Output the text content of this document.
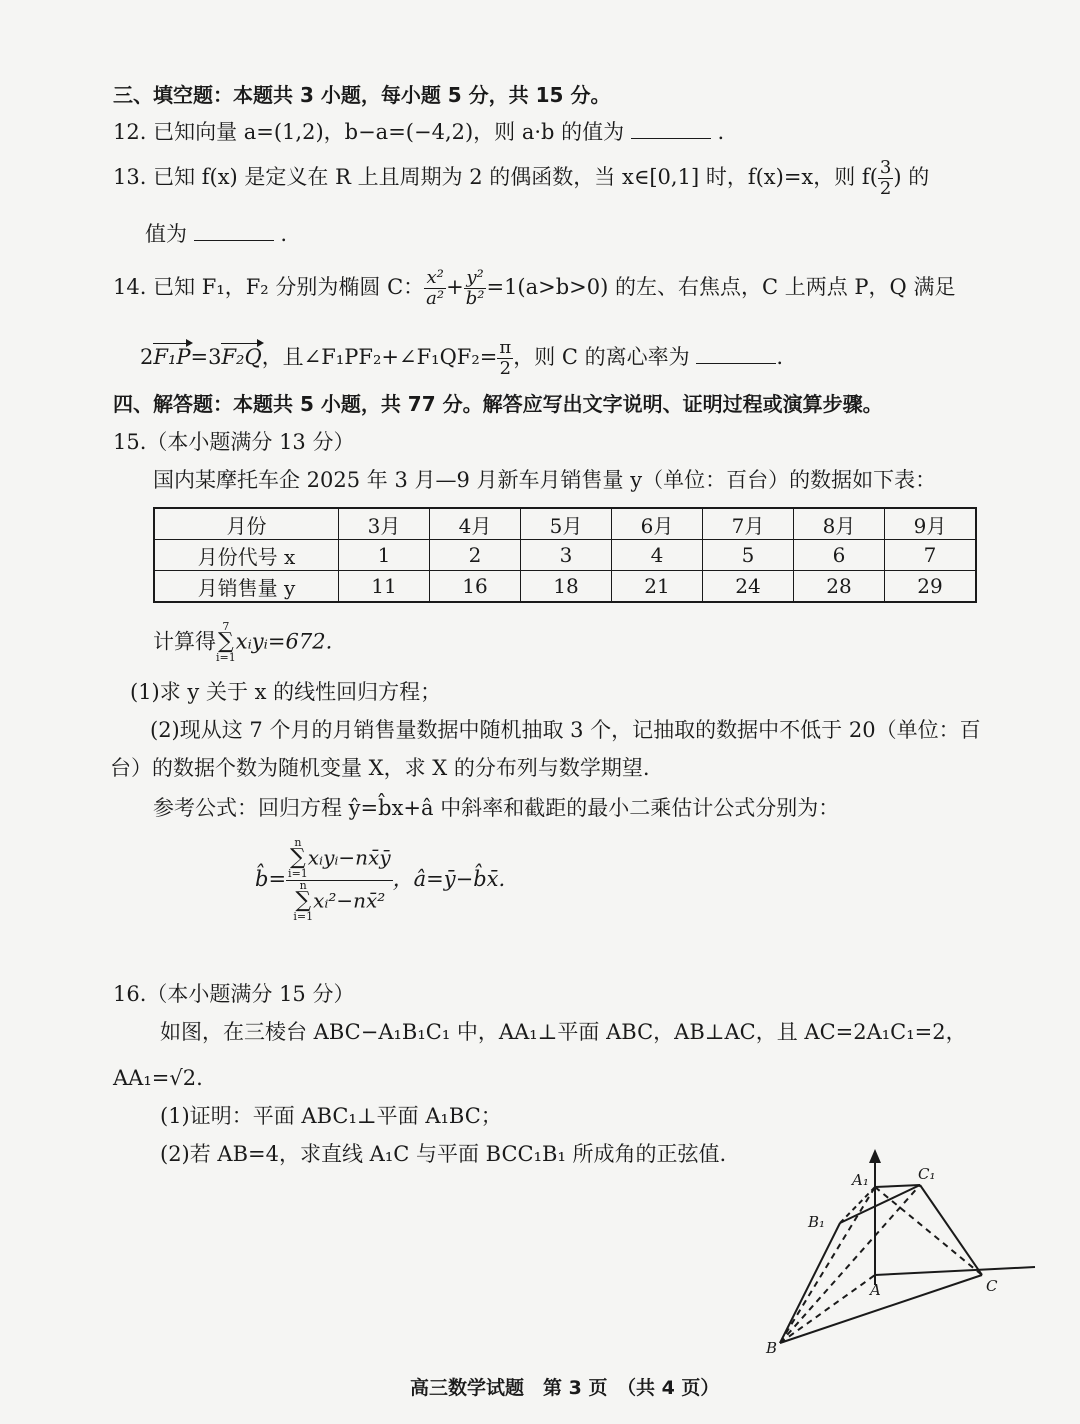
三、填空题：本题共 3 小题，每小题 5 分，共 15 分。
12. 已知向量 a=(1,2)，b−a=(−4,2)，则 a·b 的值为	.
13. 已知 f(x) 是定义在 R 上且周期为 2 的偶函数，当 x∈[0,1] 时，f(x)=x，则 $f( \frac{3}{2}$ ) 的
值为	.
14. 已知 F₁，F₂ 分别为椭圆 C： $\frac{\text{x²}}{\text{a²}} + \frac{\text{y²}}{\text{b²}} =1(a>b>0)$ 的左、右焦点，C 上两点 P，Q 满足
2F₁P=3F₂Q，且∠F₁PF₂+∠F₁QF₂= $\frac{\pi}{2}$ ，则 C 的离心率为	.
四、解答题：本题共 5 小题，共 77 分。解答应写出文字说明、证明过程或演算步骤。
15.（本小题满分 13 分）
国内某摩托车企 2025 年 3 月—9 月新车月销售量 y（单位：百台）的数据如下表：
月份	3月	4月	5月	6月	7月	8月	9月
月份代号 x	1	2	3	4	5	6	7
月销售量 y	11	16	18	21	24	28	29
计算得7
∑
i=1xᵢyᵢ=672.
(1)求 y 关于 x 的线性回归方程；
(2)现从这 7 个月的月销售量数据中随机抽取 3 个，记抽取的数据中不低于 20（单位：百
台）的数据个数为随机变量 X，求 X 的分布列与数学期望.
参考公式：回归方程 ŷ=b̂x+â 中斜率和截距的最小二乘估计公式分别为：
b̂= n
∑
i=1xᵢyᵢ−nx̄ȳ
n
∑
i=1xᵢ²−nx̄² ，â=ȳ−b̂x̄.
16.（本小题满分 15 分）
如图，在三棱台 ABC−A₁B₁C₁ 中，AA₁⊥平面 ABC，AB⊥AC，且 AC=2A₁C₁=2，
AA₁=√2.
(1)证明：平面 ABC₁⊥平面 A₁BC；
(2)若 AB=4，求直线 A₁C 与平面 BCC₁B₁ 所成角的正弦值.
A₁	C₁
B₁
A
B
C
高三数学试题　第 3 页　（共 4 页）
